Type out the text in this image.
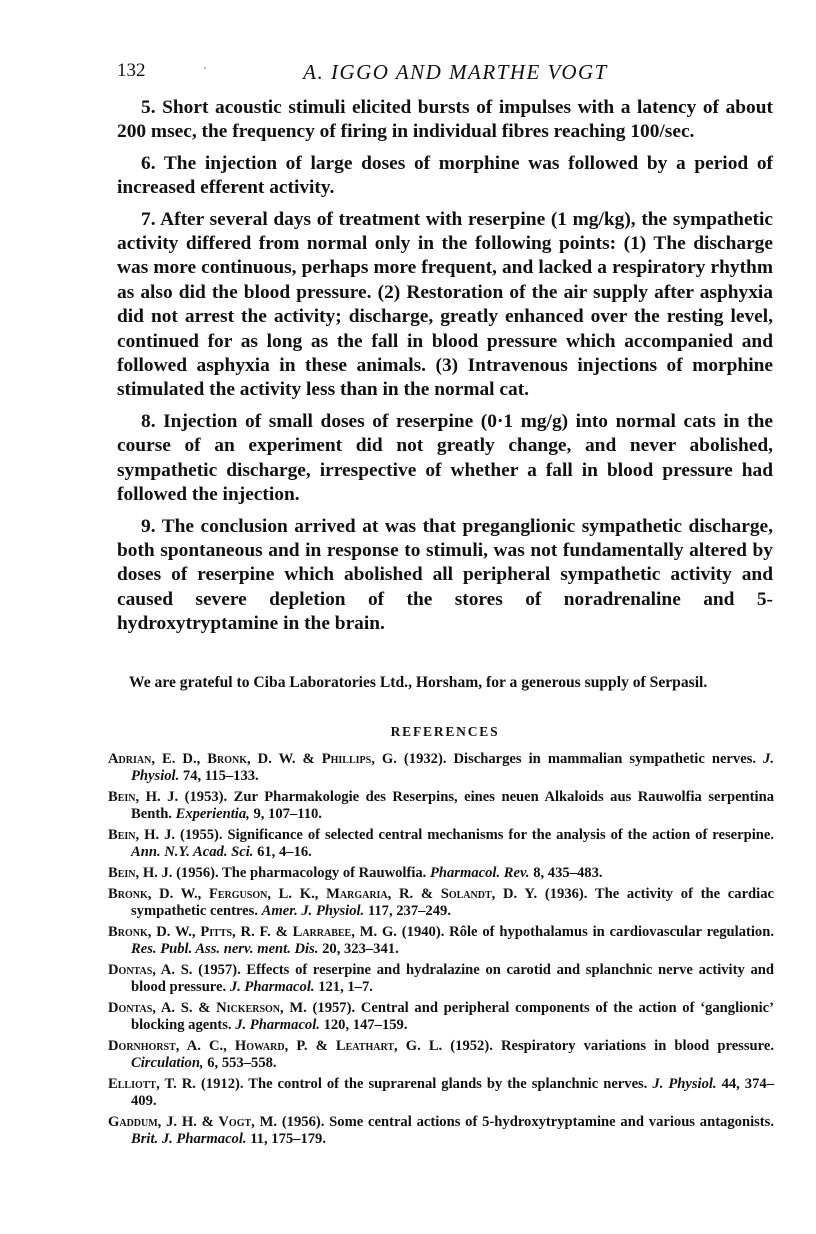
132	A. IGGO AND MARTHE VOGT

5. Short acoustic stimuli elicited bursts of impulses with a latency of about 200 msec, the frequency of firing in individual fibres reaching 100/sec.

6. The injection of large doses of morphine was followed by a period of increased efferent activity.

7. After several days of treatment with reserpine (1 mg/kg), the sympathetic activity differed from normal only in the following points: (1) The discharge was more continuous, perhaps more frequent, and lacked a respiratory rhythm as also did the blood pressure. (2) Restoration of the air supply after asphyxia did not arrest the activity; discharge, greatly enhanced over the resting level, continued for as long as the fall in blood pressure which accompanied and followed asphyxia in these animals. (3) Intravenous injections of morphine stimulated the activity less than in the normal cat.

8. Injection of small doses of reserpine (0·1 mg/g) into normal cats in the course of an experiment did not greatly change, and never abolished, sympathetic discharge, irrespective of whether a fall in blood pressure had followed the injection.

9. The conclusion arrived at was that preganglionic sympathetic discharge, both spontaneous and in response to stimuli, was not fundamentally altered by doses of reserpine which abolished all peripheral sympathetic activity and caused severe depletion of the stores of noradrenaline and 5-hydroxytryptamine in the brain.

We are grateful to Ciba Laboratories Ltd., Horsham, for a generous supply of Serpasil.
REFERENCES
Adrian, E. D., Bronk, D. W. & Phillips, G. (1932). Discharges in mammalian sympathetic nerves. J. Physiol. 74, 115–133.
Bein, H. J. (1953). Zur Pharmakologie des Reserpins, eines neuen Alkaloids aus Rauwolfia serpentina Benth. Experientia, 9, 107–110.
Bein, H. J. (1955). Significance of selected central mechanisms for the analysis of the action of reserpine. Ann. N.Y. Acad. Sci. 61, 4–16.
Bein, H. J. (1956). The pharmacology of Rauwolfia. Pharmacol. Rev. 8, 435–483.
Bronk, D. W., Ferguson, L. K., Margaria, R. & Solandt, D. Y. (1936). The activity of the cardiac sympathetic centres. Amer. J. Physiol. 117, 237–249.
Bronk, D. W., Pitts, R. F. & Larrabee, M. G. (1940). Rôle of hypothalamus in cardiovascular regulation. Res. Publ. Ass. nerv. ment. Dis. 20, 323–341.
Dontas, A. S. (1957). Effects of reserpine and hydralazine on carotid and splanchnic nerve activity and blood pressure. J. Pharmacol. 121, 1–7.
Dontas, A. S. & Nickerson, M. (1957). Central and peripheral components of the action of ‘ganglionic’ blocking agents. J. Pharmacol. 120, 147–159.
Dornhorst, A. C., Howard, P. & Leathart, G. L. (1952). Respiratory variations in blood pressure. Circulation, 6, 553–558.
Elliott, T. R. (1912). The control of the suprarenal glands by the splanchnic nerves. J. Physiol. 44, 374–409.
Gaddum, J. H. & Vogt, M. (1956). Some central actions of 5-hydroxytryptamine and various antagonists. Brit. J. Pharmacol. 11, 175–179.
